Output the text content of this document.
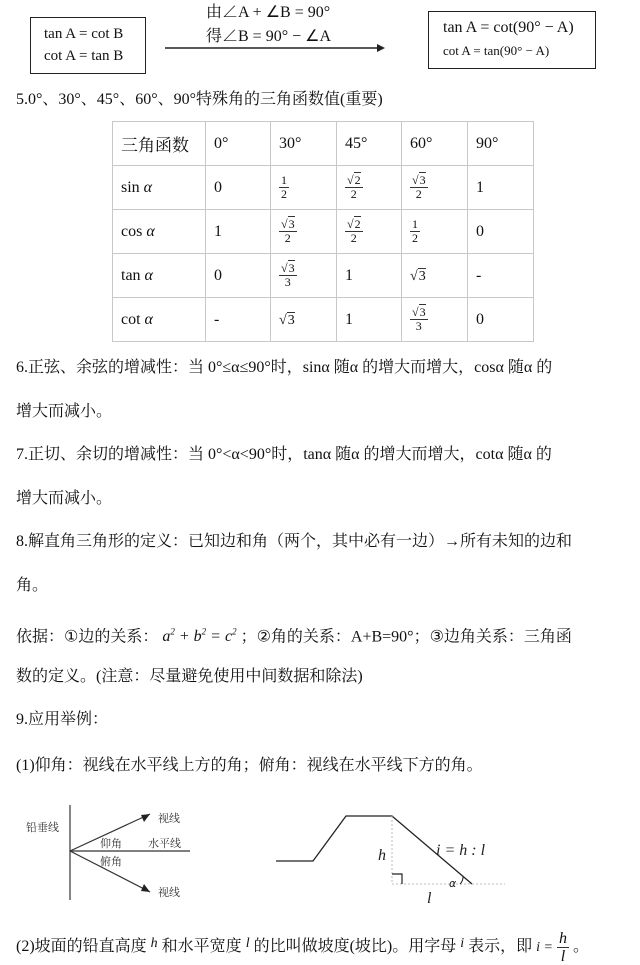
tan A = cot B
cot A = tan B
由∠A + ∠B = 90°
得∠B = 90° − ∠A
tan A = cot(90° − A)
cot A = tan(90° − A)
5.0°、30°、45°、60°、90°特殊角的三角函数值(重要)
三角函数	0°	30°	45°	60°	90°
sin α	0	$\frac{1}{2}$	$\frac{√2}{2}$	$\frac{√3}{2}$	1
cos α	1	$\frac{√3}{2}$	$\frac{√2}{2}$	$\frac{1}{2}$	0
tan α	0	$\frac{√3}{3}$	1	√3	-
cot α	-	√3	1	$\frac{√3}{3}$	0
6.正弦、余弦的增减性：当 0°≤α≤90°时，sinα 随α 的增大而增大，cosα 随α 的
增大而减小。
7.正切、余切的增减性：当 0°<α<90°时，tanα 随α 的增大而增大，cotα 随α 的
增大而减小。
8.解直角三角形的定义：已知边和角（两个，其中必有一边）→所有未知的边和
角。
依据：①边的关系： $a^2 + b^2 = c^2$ ；②角的关系：A+B=90°；③边角关系：三角函
数的定义。(注意：尽量避免使用中间数据和除法)
9.应用举例：
(1)仰角：视线在水平线上方的角；俯角：视线在水平线下方的角。
铅垂线
视线
水平线
仰角
俯角
视线
h
l
α
i = h : l
(2)坡面的铅直高度 h 和水平宽度 l 的比叫做坡度(坡比)。用字母 i 表示，即 $i = \frac{h}{l}$ 。
